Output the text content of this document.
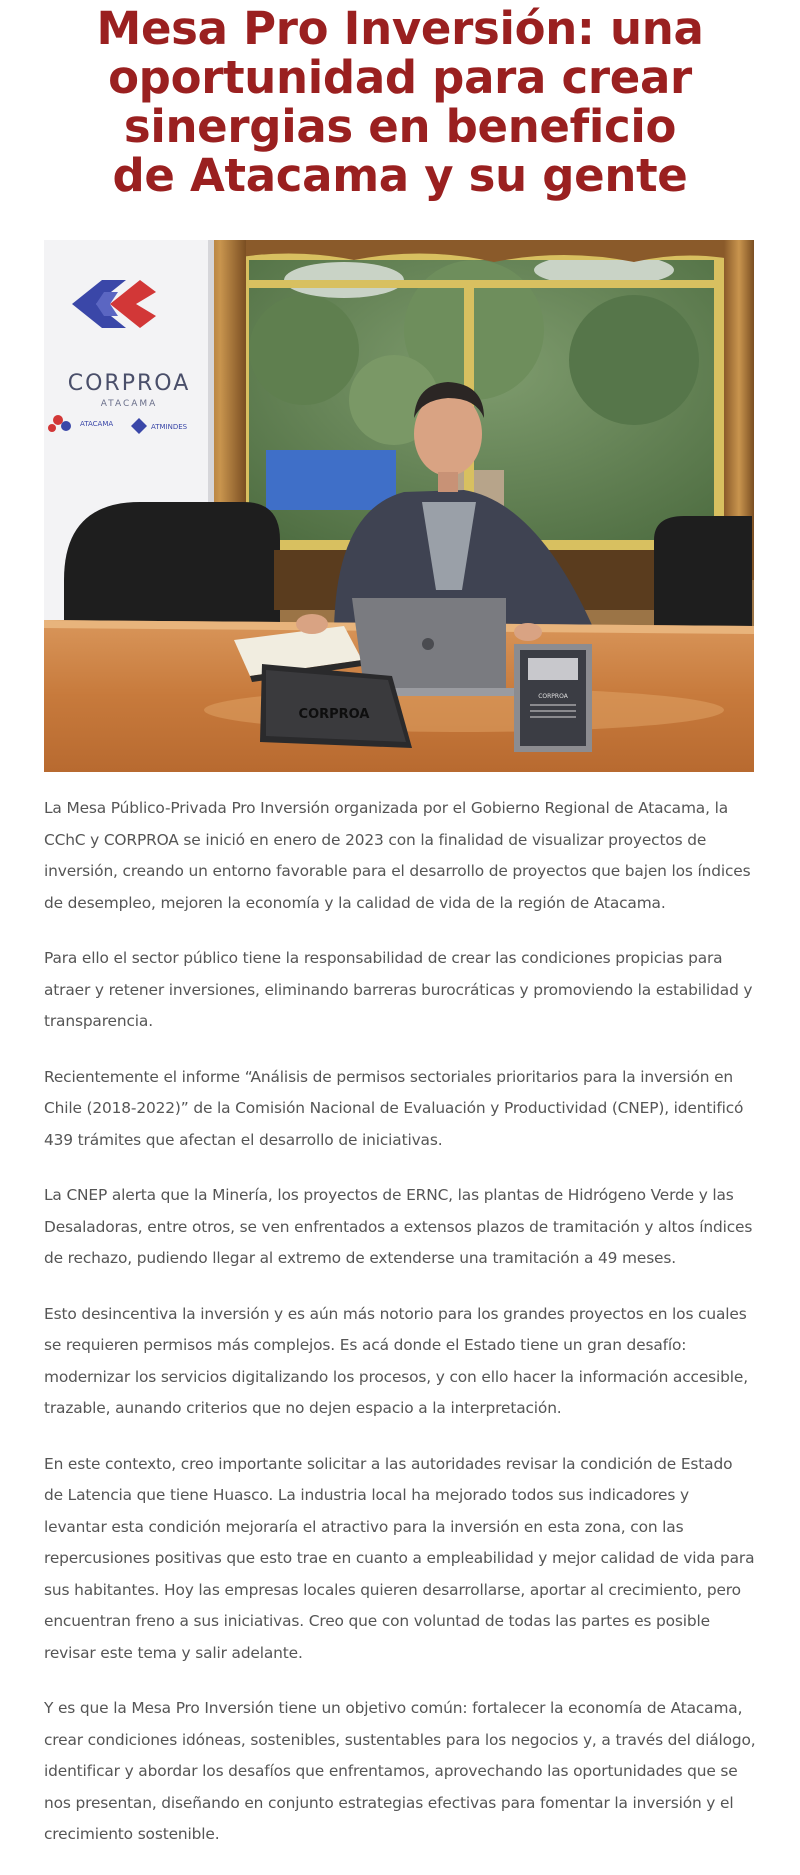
Mesa Pro Inversión: una oportunidad para crear sinergias en beneficio de Atacama y su gente
CORPROA
ATACAMA
ATACAMA	ATMINDES
CORPROA
CORPROA

La Mesa Público-Privada Pro Inversión organizada por el Gobierno Regional de Atacama, la CChC y CORPROA se inició en enero de 2023 con la finalidad de visualizar proyectos de inversión, creando un entorno favorable para el desarrollo de proyectos que bajen los índices de desempleo, mejoren la economía y la calidad de vida de la región de Atacama.

Para ello el sector público tiene la responsabilidad de crear las condiciones propicias para atraer y retener inversiones, eliminando barreras burocráticas y promoviendo la estabilidad y transparencia.

Recientemente el informe “Análisis de permisos sectoriales prioritarios para la inversión en Chile (2018-2022)” de la Comisión Nacional de Evaluación y Productividad (CNEP), identificó 439 trámites que afectan el desarrollo de iniciativas.

La CNEP alerta que la Minería, los proyectos de ERNC, las plantas de Hidrógeno Verde y las Desaladoras, entre otros, se ven enfrentados a extensos plazos de tramitación y altos índices de rechazo, pudiendo llegar al extremo de extenderse una tramitación a 49 meses.

Esto desincentiva la inversión y es aún más notorio para los grandes proyectos en los cuales se requieren permisos más complejos. Es acá donde el Estado tiene un gran desafío: modernizar los servicios digitalizando los procesos, y con ello hacer la información accesible, trazable, aunando criterios que no dejen espacio a la interpretación.

En este contexto, creo importante solicitar a las autoridades revisar la condición de Estado de Latencia que tiene Huasco. La industria local ha mejorado todos sus indicadores y levantar esta condición mejoraría el atractivo para la inversión en esta zona, con las repercusiones positivas que esto trae en cuanto a empleabilidad y mejor calidad de vida para sus habitantes. Hoy las empresas locales quieren desarrollarse, aportar al crecimiento, pero encuentran freno a sus iniciativas. Creo que con voluntad de todas las partes es posible revisar este tema y salir adelante.

Y es que la Mesa Pro Inversión tiene un objetivo común: fortalecer la economía de Atacama, crear condiciones idóneas, sostenibles, sustentables para los negocios y, a través del diálogo, identificar y abordar los desafíos que enfrentamos, aprovechando las oportunidades que se nos presentan, diseñando en conjunto estrategias efectivas para fomentar la inversión y el crecimiento sostenible.
